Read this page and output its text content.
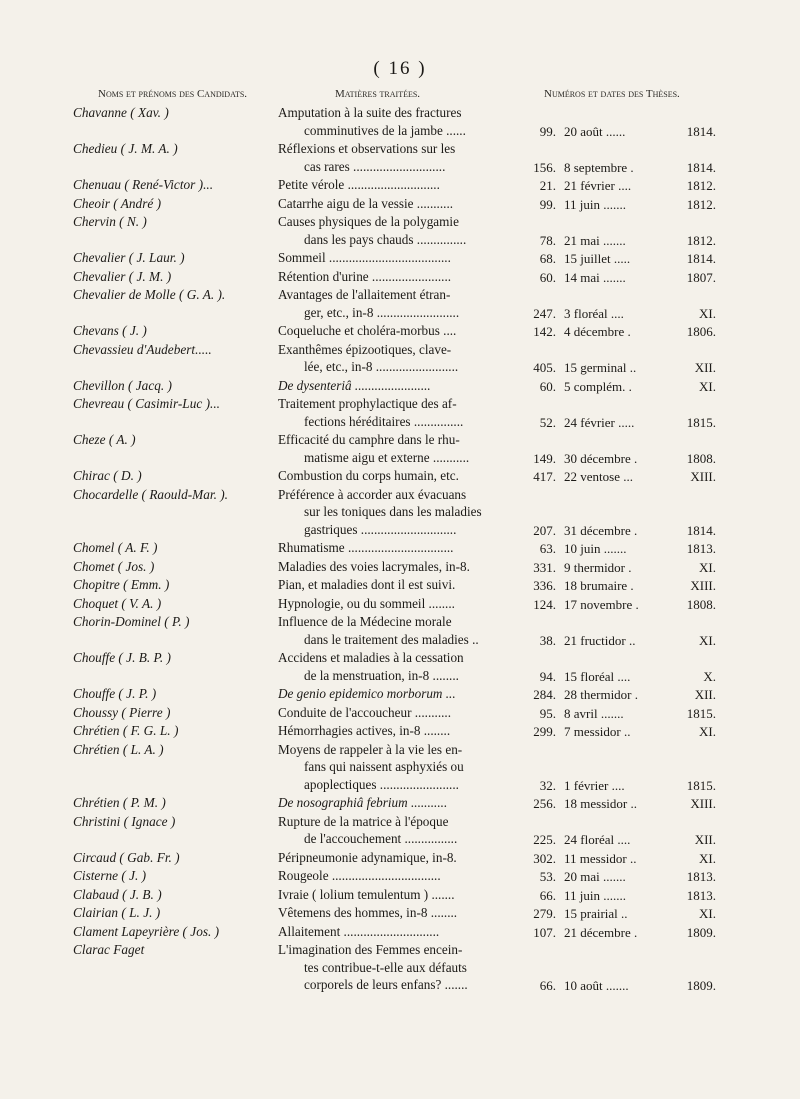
( 16 )
Noms et prénoms des Candidats.	Matières traitées.	Numéros et dates des Thèses.
Chavanne ( Xav. )	Amputation à la suite des fractures
comminutives de la jambe ......	99. 20 août ......	1814.
Chedieu ( J. M. A. )	Réflexions et observations sur les
cas rares ............................	156. 8 septembre .	1814.
Chenuau ( René-Victor )...	Petite vérole ............................	21. 21 février ....	1812.
Cheoir ( André )	Catarrhe aigu de la vessie ...........	99. 11 juin .......	1812.
Chervin ( N. )	Causes physiques de la polygamie
dans les pays chauds ...............	78. 21 mai .......	1812.
Chevalier ( J. Laur. )	Sommeil .....................................	68. 15 juillet .....	1814.
Chevalier ( J. M. )	Rétention d'urine ........................	60. 14 mai .......	1807.
Chevalier de Molle ( G. A. ).	Avantages de l'allaitement étran-
ger, etc., in-8 .........................	247. 3 floréal ....	XI.
Chevans ( J. )	Coqueluche et choléra-morbus ....	142. 4 décembre .	1806.
Chevassieu d'Audebert.....	Exanthêmes épizootiques, clave-
lée, etc., in-8 .........................	405. 15 germinal ..	XII.
Chevillon ( Jacq. )	De dysenteriâ .......................	60. 5 complém. .	XI.
Chevreau ( Casimir-Luc )...	Traitement prophylactique des af-
fections héréditaires ...............	52. 24 février .....	1815.
Cheze ( A. )	Efficacité du camphre dans le rhu-
matisme aigu et externe ...........	149. 30 décembre .	1808.
Chirac ( D. )	Combustion du corps humain, etc.	417. 22 ventose ...	XIII.
Chocardelle ( Raould-Mar. ).	Préférence à accorder aux évacuans
sur les toniques dans les maladies
gastriques .............................	207. 31 décembre .	1814.
Chomel ( A. F. )	Rhumatisme ................................	63. 10 juin .......	1813.
Chomet ( Jos. )	Maladies des voies lacrymales, in-8.	331. 9 thermidor .	XI.
Chopitre ( Emm. )	Pian, et maladies dont il est suivi.	336. 18 brumaire .	XIII.
Choquet ( V. A. )	Hypnologie, ou du sommeil ........	124. 17 novembre .	1808.
Chorin-Dominel ( P. )	Influence de la Médecine morale
dans le traitement des maladies ..	38. 21 fructidor ..	XI.
Chouffe ( J. B. P. )	Accidens et maladies à la cessation
de la menstruation, in-8 ........	94. 15 floréal ....	X.
Chouffe ( J. P. )	De genio epidemico morborum ...	284. 28 thermidor .	XII.
Choussy ( Pierre )	Conduite de l'accoucheur ...........	95. 8 avril .......	1815.
Chrétien ( F. G. L. )	Hémorrhagies actives, in-8 ........	299. 7 messidor ..	XI.
Chrétien ( L. A. )	Moyens de rappeler à la vie les en-
fans qui naissent asphyxiés ou
apoplectiques ........................	32. 1 février ....	1815.
Chrétien ( P. M. )	De nosographiâ febrium ...........	256. 18 messidor ..	XIII.
Christini ( Ignace )	Rupture de la matrice à l'époque
de l'accouchement ................	225. 24 floréal ....	XII.
Circaud ( Gab. Fr. )	Péripneumonie adynamique, in-8.	302. 11 messidor ..	XI.
Cisterne ( J. )	Rougeole .................................	53. 20 mai .......	1813.
Clabaud ( J. B. )	Ivraie ( lolium temulentum ) .......	66. 11 juin .......	1813.
Clairian ( L. J. )	Vêtemens des hommes, in-8 ........	279. 15 prairial ..	XI.
Clament Lapeyrière ( Jos. )	Allaitement .............................	107. 21 décembre .	1809.
Clarac Faget	L'imagination des Femmes encein-
tes contribue-t-elle aux défauts
corporels de leurs enfans? .......	66. 10 août .......	1809.
